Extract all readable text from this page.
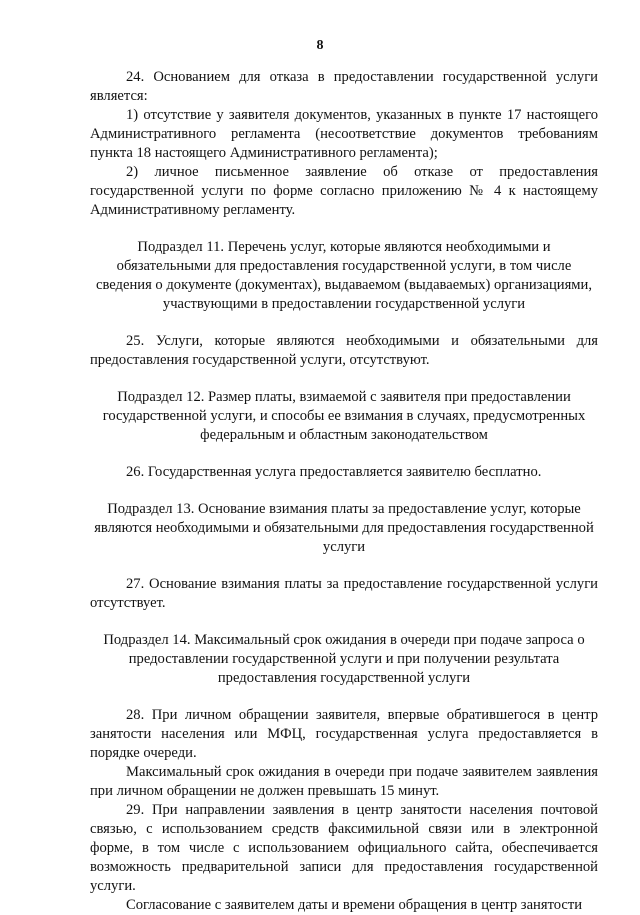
8

24. Основанием для отказа в предоставлении государственной услуги является:

1) отсутствие у заявителя документов, указанных в пункте 17 настоящего Административного регламента (несоответствие документов требованиям пункта 18 настоящего Административного регламента);

2) личное письменное заявление об отказе от предоставления государственной услуги по форме согласно приложению № 4 к настоящему Административному регламенту.

Подраздел 11. Перечень услуг, которые являются необходимыми и обязательными для предоставления государственной услуги, в том числе сведения о документе (документах), выдаваемом (выдаваемых) организациями, участвующими в предоставлении государственной услуги

25. Услуги, которые являются необходимыми и обязательными для предоставления государственной услуги, отсутствуют.

Подраздел 12. Размер платы, взимаемой с заявителя при предоставлении государственной услуги, и способы ее взимания в случаях, предусмотренных федеральным и областным законодательством

26. Государственная услуга предоставляется заявителю бесплатно.

Подраздел 13. Основание взимания платы за предоставление услуг, которые являются необходимыми и обязательными для предоставления государственной услуги

27. Основание взимания платы за предоставление государственной услуги отсутствует.

Подраздел 14. Максимальный срок ожидания в очереди при подаче запроса о предоставлении государственной услуги и при получении результата предоставления государственной услуги

28. При личном обращении заявителя, впервые обратившегося в центр занятости населения или МФЦ, государственная услуга предоставляется в порядке очереди.

Максимальный срок ожидания в очереди при подаче заявителем заявления при личном обращении не должен превышать 15 минут.

29. При направлении заявления в центр занятости населения почтовой связью, с использованием средств факсимильной связи или в электронной форме, в том числе с использованием официального сайта, обеспечивается возможность предварительной записи для предоставления государственной услуги.

Согласование с заявителем даты и времени обращения в центр занятости
